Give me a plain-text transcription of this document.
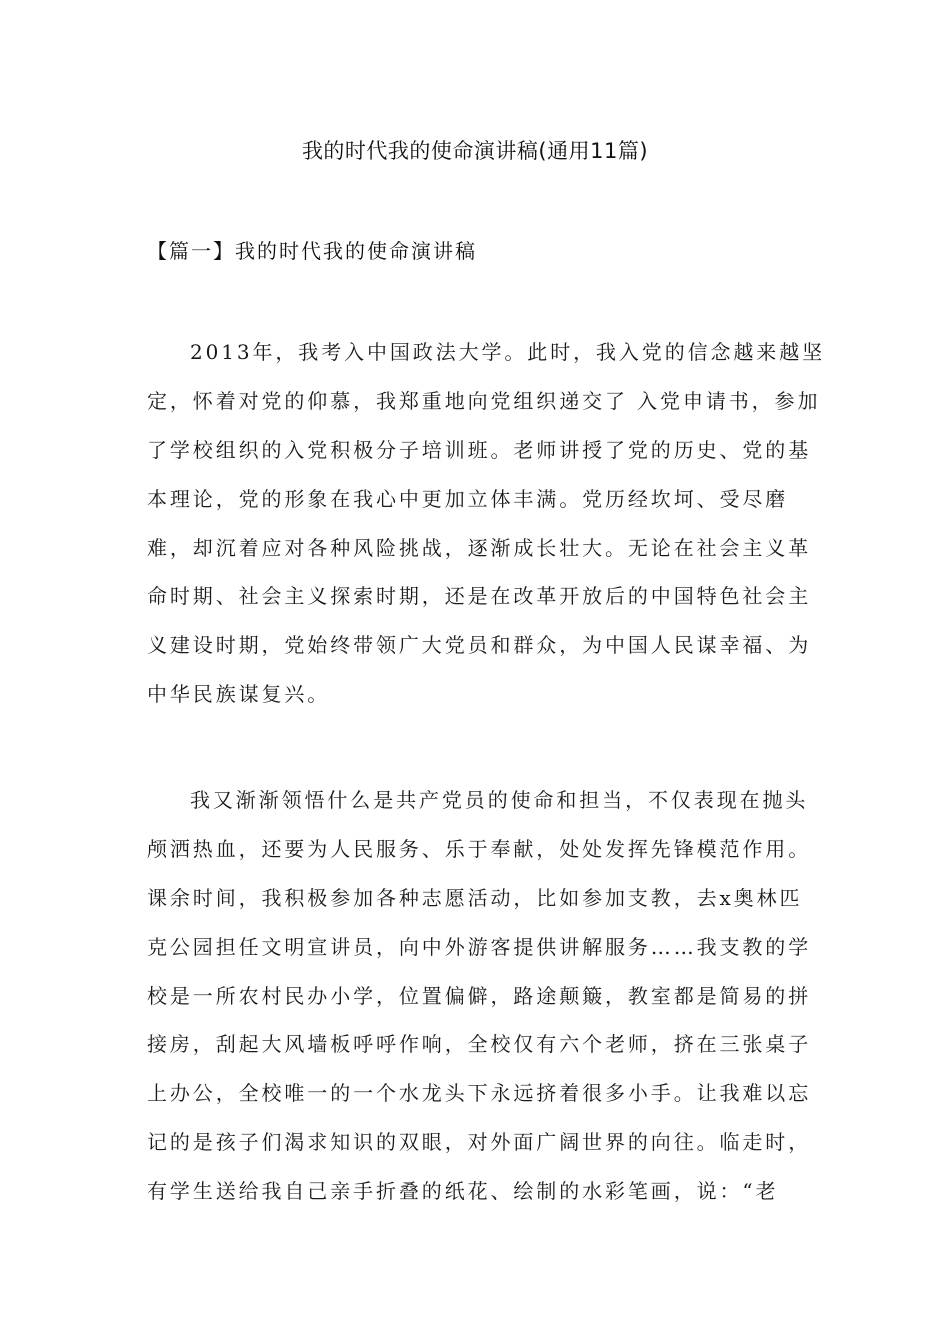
我的时代我的使命演讲稿(通用11篇)
【篇一】我的时代我的使命演讲稿
2013年，我考入中国政法大学。此时，我入党的信念越来越坚
定，怀着对党的仰慕，我郑重地向党组织递交了 入党申请书，参加
了学校组织的入党积极分子培训班。老师讲授了党的历史、党的基
本理论，党的形象在我心中更加立体丰满。党历经坎坷、受尽磨
难，却沉着应对各种风险挑战，逐渐成长壮大。无论在社会主义革
命时期、社会主义探索时期，还是在改革开放后的中国特色社会主
义建设时期，党始终带领广大党员和群众，为中国人民谋幸福、为
中华民族谋复兴。
我又渐渐领悟什么是共产党员的使命和担当，不仅表现在抛头
颅洒热血，还要为人民服务、乐于奉献，处处发挥先锋模范作用。
课余时间，我积极参加各种志愿活动，比如参加支教，去x奥林匹
克公园担任文明宣讲员，向中外游客提供讲解服务……我支教的学
校是一所农村民办小学，位置偏僻，路途颠簸，教室都是简易的拼
接房，刮起大风墙板呼呼作响，全校仅有六个老师，挤在三张桌子
上办公，全校唯一的一个水龙头下永远挤着很多小手。让我难以忘
记的是孩子们渴求知识的双眼，对外面广阔世界的向往。临走时，
有学生送给我自己亲手折叠的纸花、绘制的水彩笔画，说：“老
